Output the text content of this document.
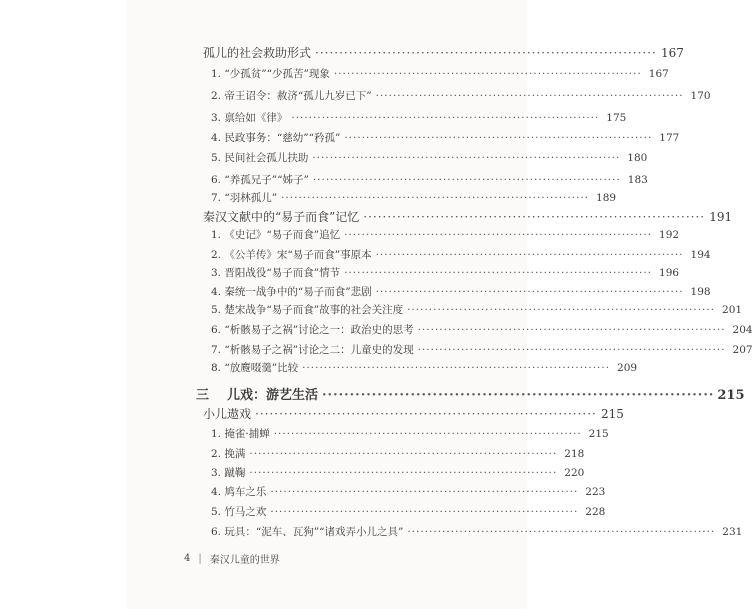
孤儿的社会救助形式 ······································································· 167
1. “少孤贫”“少孤苦”现象 ······································································· 167
2. 帝王诏令：赦济“孤儿九岁已下” ······································································· 170
3. 禀给如《律》 ······································································· 175
4. 民政事务：“慈幼”“矜孤” ······································································· 177
5. 民间社会孤儿扶助 ······································································· 180
6. “养孤兄子”“姊子” ······································································· 183
7. “羽林孤儿” ······································································· 189
秦汉文献中的“易子而食”记忆 ······································································· 191
1. 《史记》“易子而食”追忆 ······································································· 192
2. 《公羊传》宋“易子而食”事原本 ······································································· 194
3. 晋阳战役“易子而食”情节 ······································································· 196
4. 秦统一战争中的“易子而食”悲剧 ······································································· 198
5. 楚宋战争“易子而食”故事的社会关注度 ······································································· 201
6. “析骸易子之祸”讨论之一：政治史的思考 ······································································· 204
7. “析骸易子之祸”讨论之二：儿童史的发现 ······································································· 207
8. “放麑啜羹”比较 ······································································· 209
三 儿戏：游艺生活 ······································································· 215
小儿遨戏 ······································································· 215
1. 掩雀·捕蝉 ······································································· 215
2. 挽满 ······································································· 218
3. 蹴鞠 ······································································· 220
4. 鸠车之乐 ······································································· 223
5. 竹马之欢 ······································································· 228
6. 玩具：“泥车、瓦狗”“诸戏弄小儿之具” ······································································· 231
4 | 秦汉儿童的世界
